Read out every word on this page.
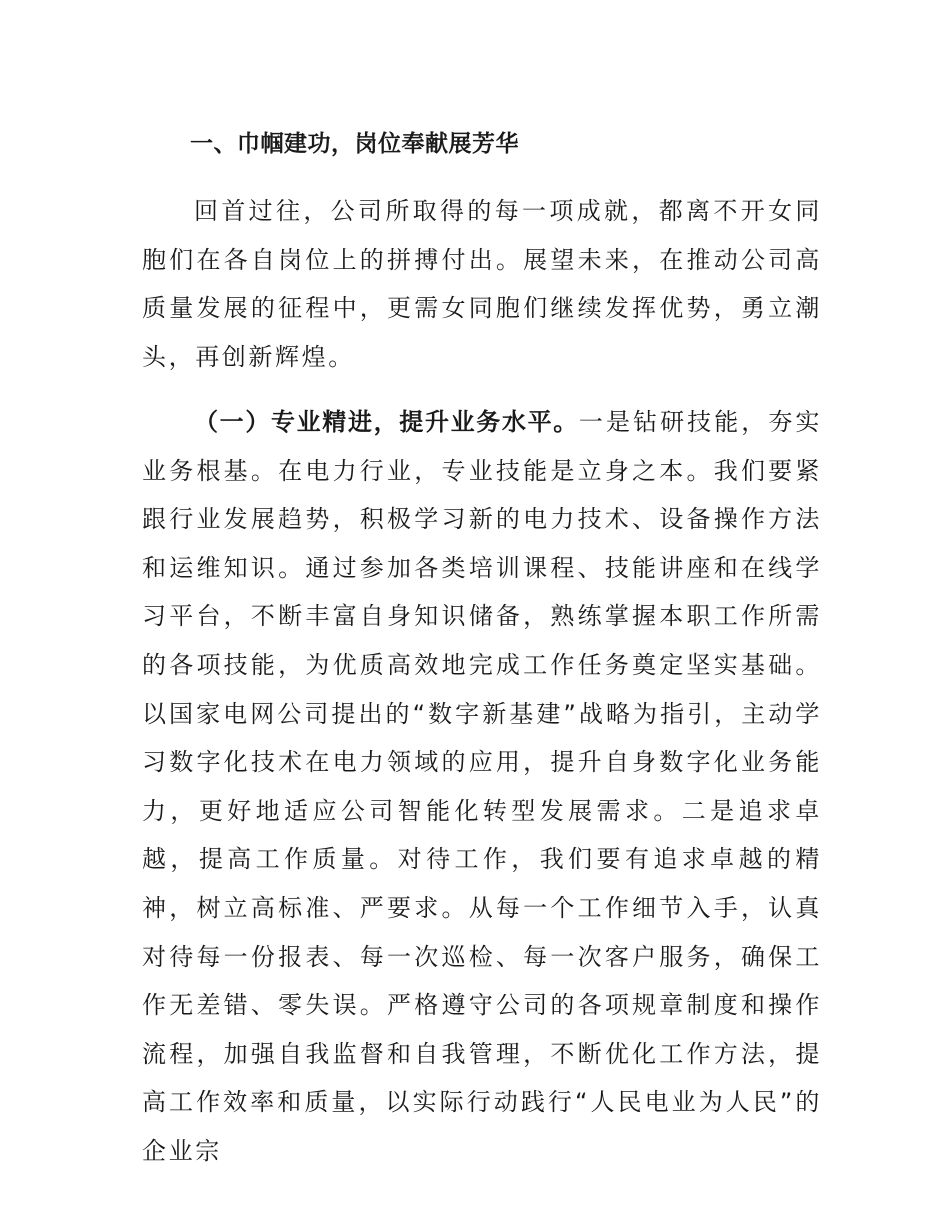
一、巾帼建功，岗位奉献展芳华

回首过往，公司所取得的每一项成就，都离不开女同胞们在各自岗位上的拼搏付出。展望未来，在推动公司高质量发展的征程中，更需女同胞们继续发挥优势，勇立潮头，再创新辉煌。

（一）专业精进，提升业务水平。一是钻研技能，夯实业务根基。在电力行业，专业技能是立身之本。我们要紧跟行业发展趋势，积极学习新的电力技术、设备操作方法和运维知识。通过参加各类培训课程、技能讲座和在线学习平台，不断丰富自身知识储备，熟练掌握本职工作所需的各项技能，为优质高效地完成工作任务奠定坚实基础。以国家电网公司提出的“数字新基建”战略为指引，主动学习数字化技术在电力领域的应用，提升自身数字化业务能力，更好地适应公司智能化转型发展需求。二是追求卓越，提高工作质量。对待工作，我们要有追求卓越的精神，树立高标准、严要求。从每一个工作细节入手，认真对待每一份报表、每一次巡检、每一次客户服务，确保工作无差错、零失误。严格遵守公司的各项规章制度和操作流程，加强自我监督和自我管理，不断优化工作方法，提高工作效率和质量，以实际行动践行“人民电业为人民”的企业宗
